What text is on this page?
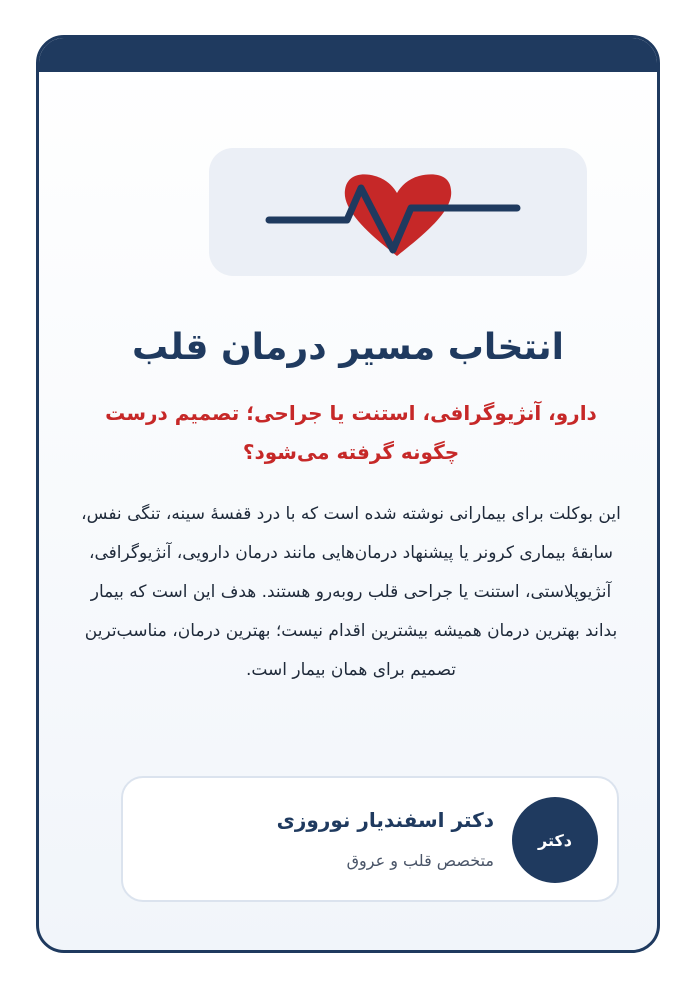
انتخاب مسیر درمان قلب
دارو، آنژیوگرافی، استنت یا جراحی؛ تصمیم درست چگونه گرفته می‌شود؟
این بوکلت برای بیمارانی نوشته شده است که با درد قفسهٔ سینه، تنگی نفس، سابقهٔ بیماری کرونر یا پیشنهاد درمان‌هایی مانند درمان دارویی، آنژیوگرافی، آنژیوپلاستی، استنت یا جراحی قلب روبه‌رو هستند. هدف این است که بیمار بداند بهترین درمان همیشه بیشترین اقدام نیست؛ بهترین درمان، مناسب‌ترین تصمیم برای همان بیمار است.
دکتر
دکتر اسفندیار نوروزی
متخصص قلب و عروق
